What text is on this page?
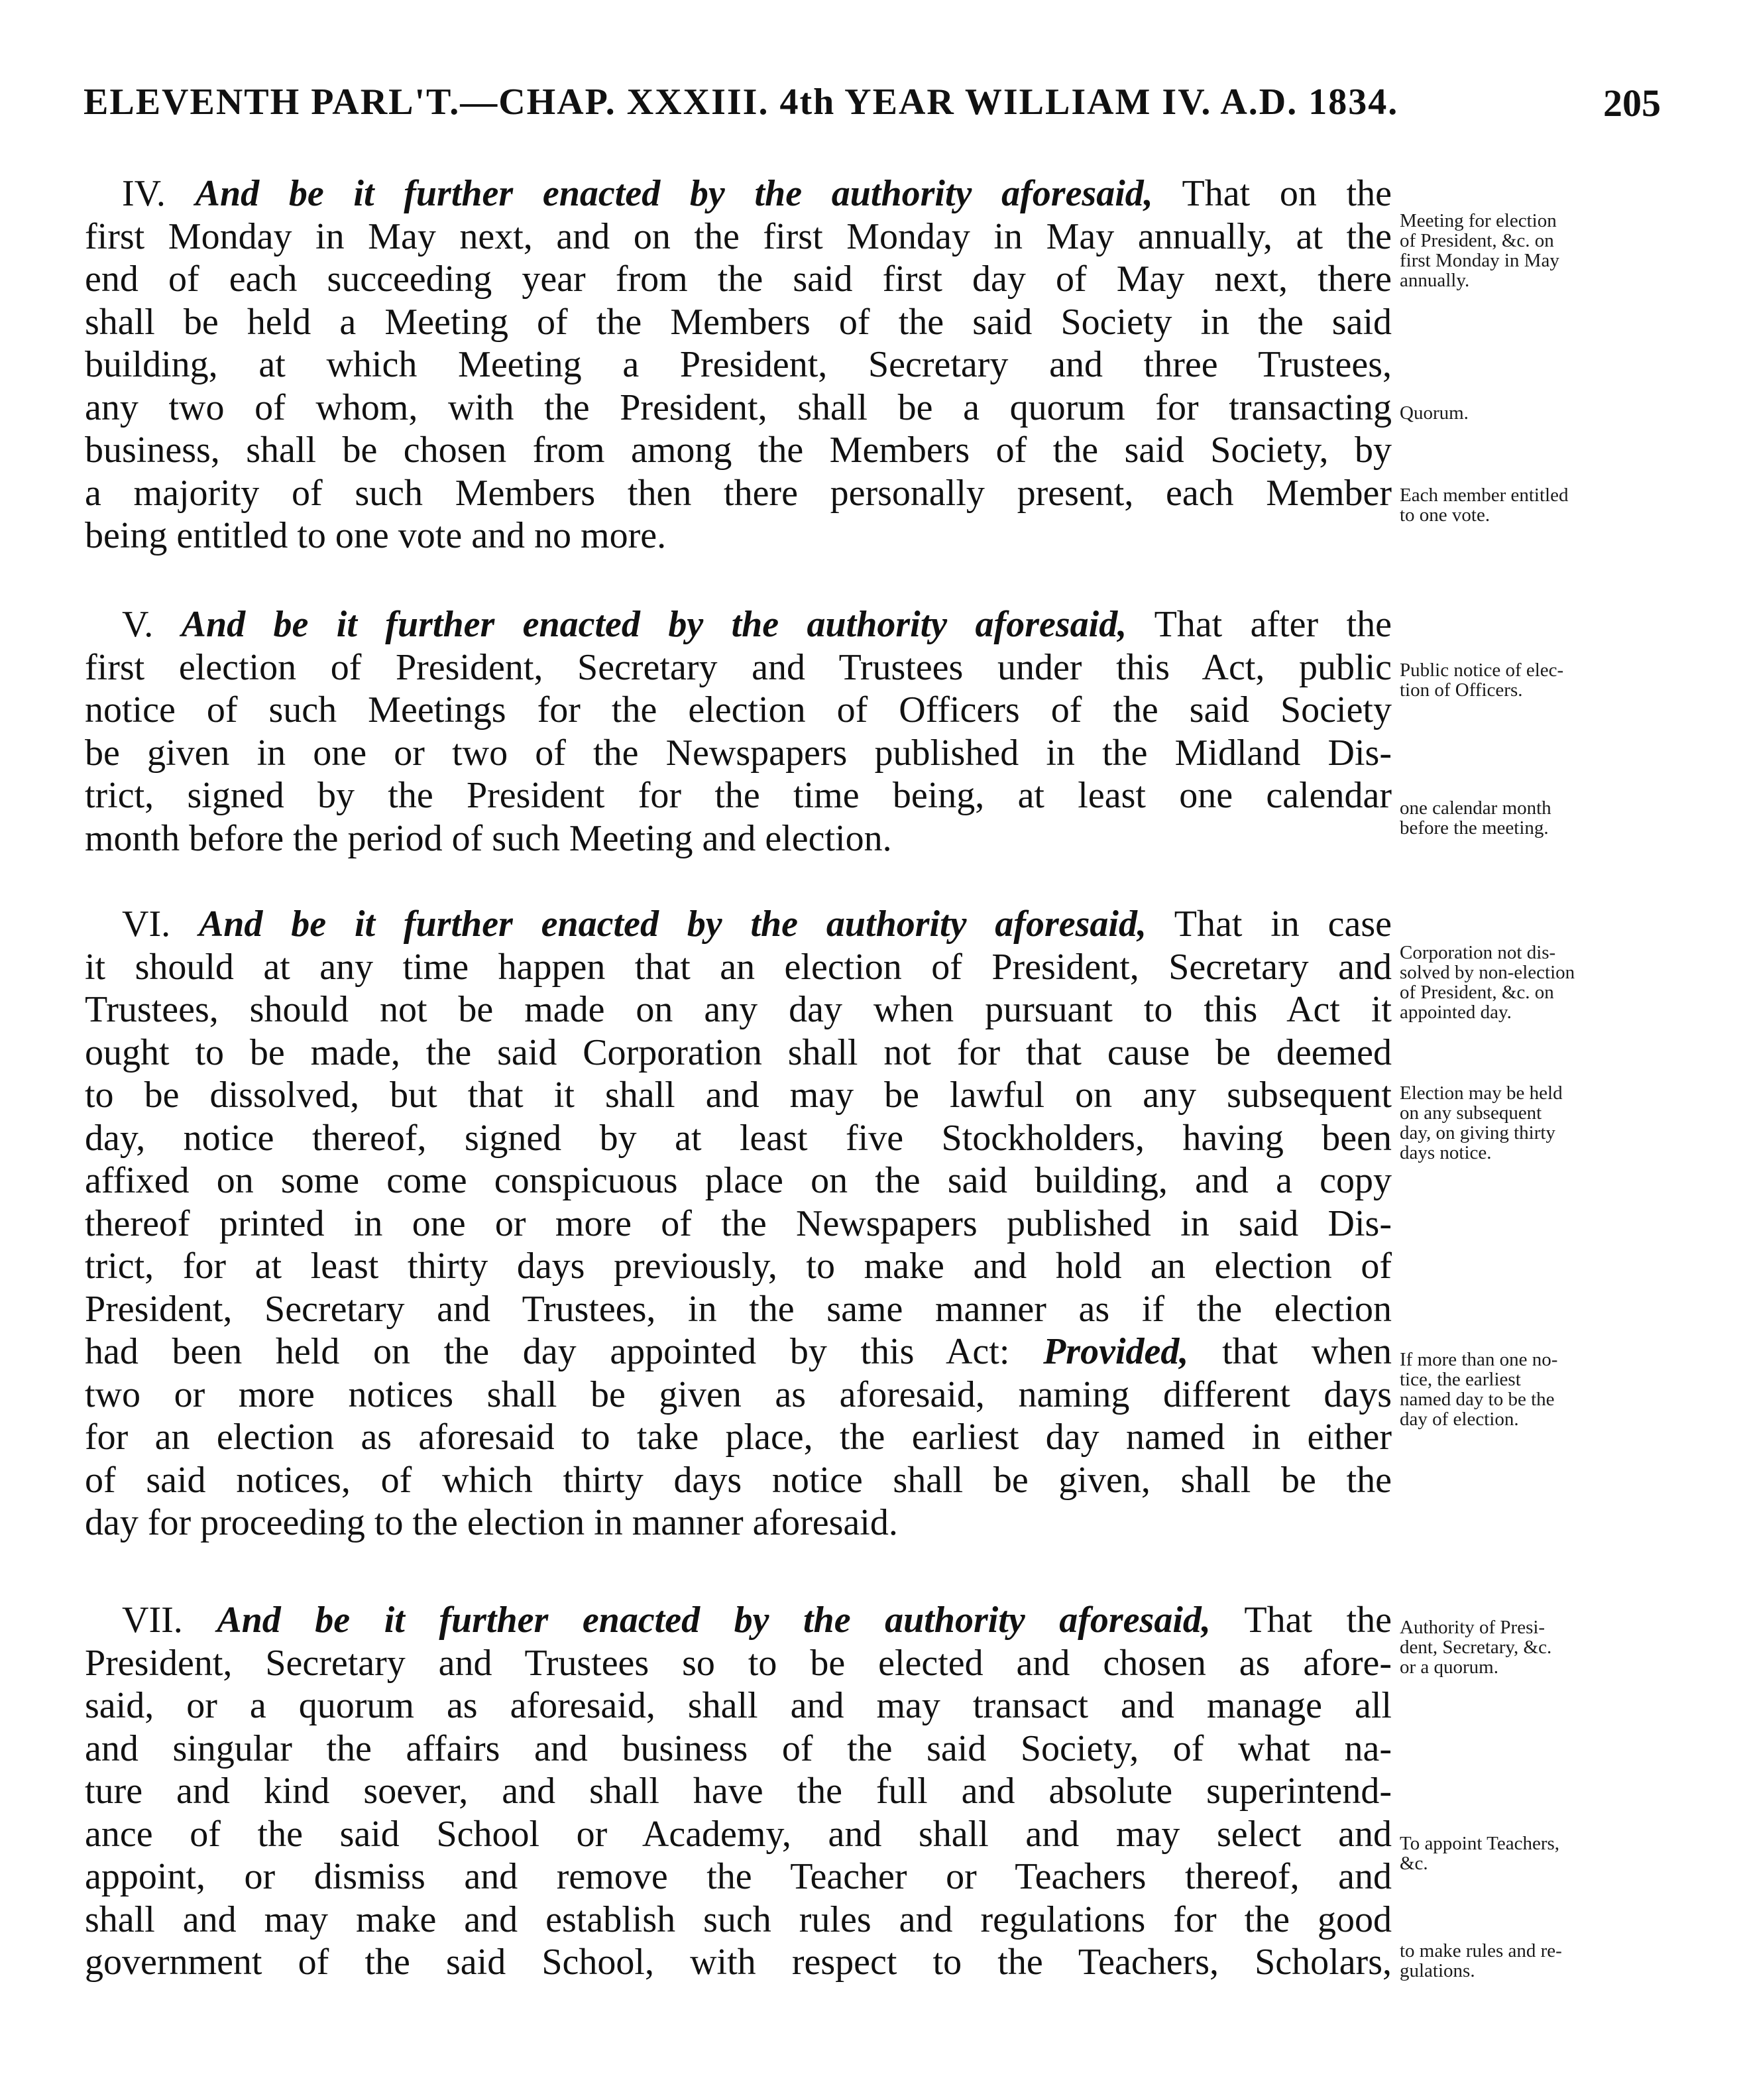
ELEVENTH PARL'T.—CHAP. XXXIII. 4th YEAR WILLIAM IV. A.D. 1834.	205
IV. And be it further enacted by the authority aforesaid, That on the
first Monday in May next, and on the first Monday in May annually, at the
end of each succeeding year from the said first day of May next, there
shall be held a Meeting of the Members of the said Society in the said
building, at which Meeting a President, Secretary and three Trustees,
any two of whom, with the President, shall be a quorum for transacting
business, shall be chosen from among the Members of the said Society, by
a majority of such Members then there personally present, each Member
being entitled to one vote and no more.
Meeting for election
of President, &c. on
first Monday in May
annually.
Quorum.
Each member entitled
to one vote.
V. And be it further enacted by the authority aforesaid, That after the
first election of President, Secretary and Trustees under this Act, public
notice of such Meetings for the election of Officers of the said Society
be given in one or two of the Newspapers published in the Midland Dis-
trict, signed by the President for the time being, at least one calendar
month before the period of such Meeting and election.
Public notice of elec-
tion of Officers.
one calendar month
before the meeting.
VI. And be it further enacted by the authority aforesaid, That in case
it should at any time happen that an election of President, Secretary and
Trustees, should not be made on any day when pursuant to this Act it
ought to be made, the said Corporation shall not for that cause be deemed
to be dissolved, but that it shall and may be lawful on any subsequent
day, notice thereof, signed by at least five Stockholders, having been
affixed on some come conspicuous place on the said building, and a copy
thereof printed in one or more of the Newspapers published in said Dis-
trict, for at least thirty days previously, to make and hold an election of
President, Secretary and Trustees, in the same manner as if the election
had been held on the day appointed by this Act: Provided, that when
two or more notices shall be given as aforesaid, naming different days
for an election as aforesaid to take place, the earliest day named in either
of said notices, of which thirty days notice shall be given, shall be the
day for proceeding to the election in manner aforesaid.
Corporation not dis-
solved by non-election
of President, &c. on
appointed day.
Election may be held
on any subsequent
day, on giving thirty
days notice.
If more than one no-
tice, the earliest
named day to be the
day of election.
VII. And be it further enacted by the authority aforesaid, That the
President, Secretary and Trustees so to be elected and chosen as afore-
said, or a quorum as aforesaid, shall and may transact and manage all
and singular the affairs and business of the said Society, of what na-
ture and kind soever, and shall have the full and absolute superintend-
ance of the said School or Academy, and shall and may select and
appoint, or dismiss and remove the Teacher or Teachers thereof, and
shall and may make and establish such rules and regulations for the good
government of the said School, with respect to the Teachers, Scholars,
Authority of Presi-
dent, Secretary, &c.
or a quorum.
To appoint Teachers,
&c.
to make rules and re-
gulations.
